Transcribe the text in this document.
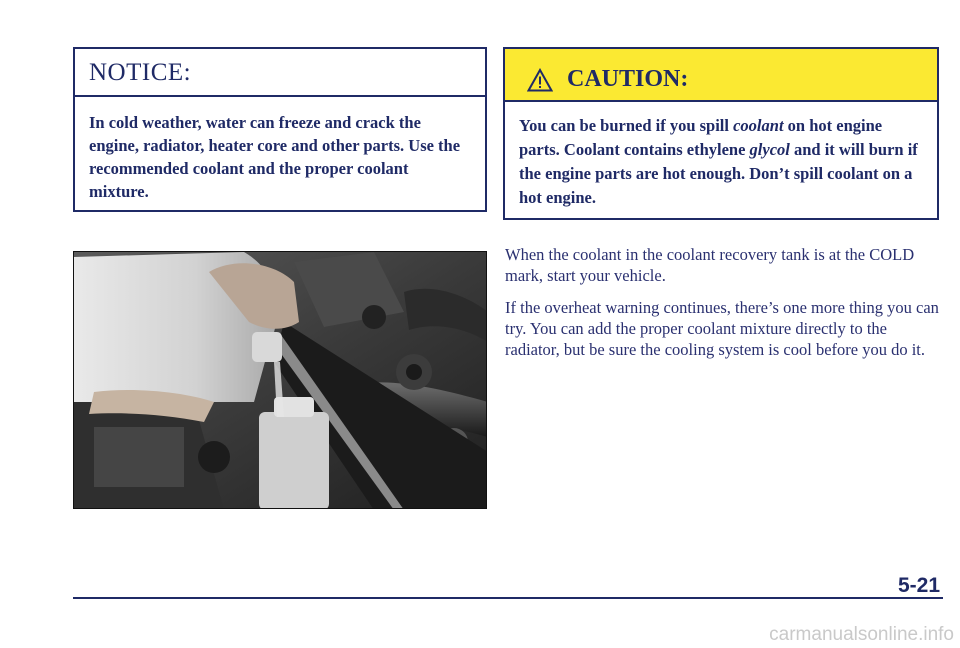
NOTICE:
In cold weather, water can freeze and crack the engine, radiator, heater core and other parts. Use the recommended coolant and the proper coolant mixture.
CAUTION:
You can be burned if you spill coolant on hot engine parts. Coolant contains ethylene glycol and it will burn if the engine parts are hot enough. Don’t spill coolant on a hot engine.

When the coolant in the coolant recovery tank is at the COLD mark, start your vehicle.

If the overheat warning continues, there’s one more thing you can try. You can add the proper coolant mixture directly to the radiator, but be sure the cooling system is cool before you do it.

5-21
carmanualsonline.info
